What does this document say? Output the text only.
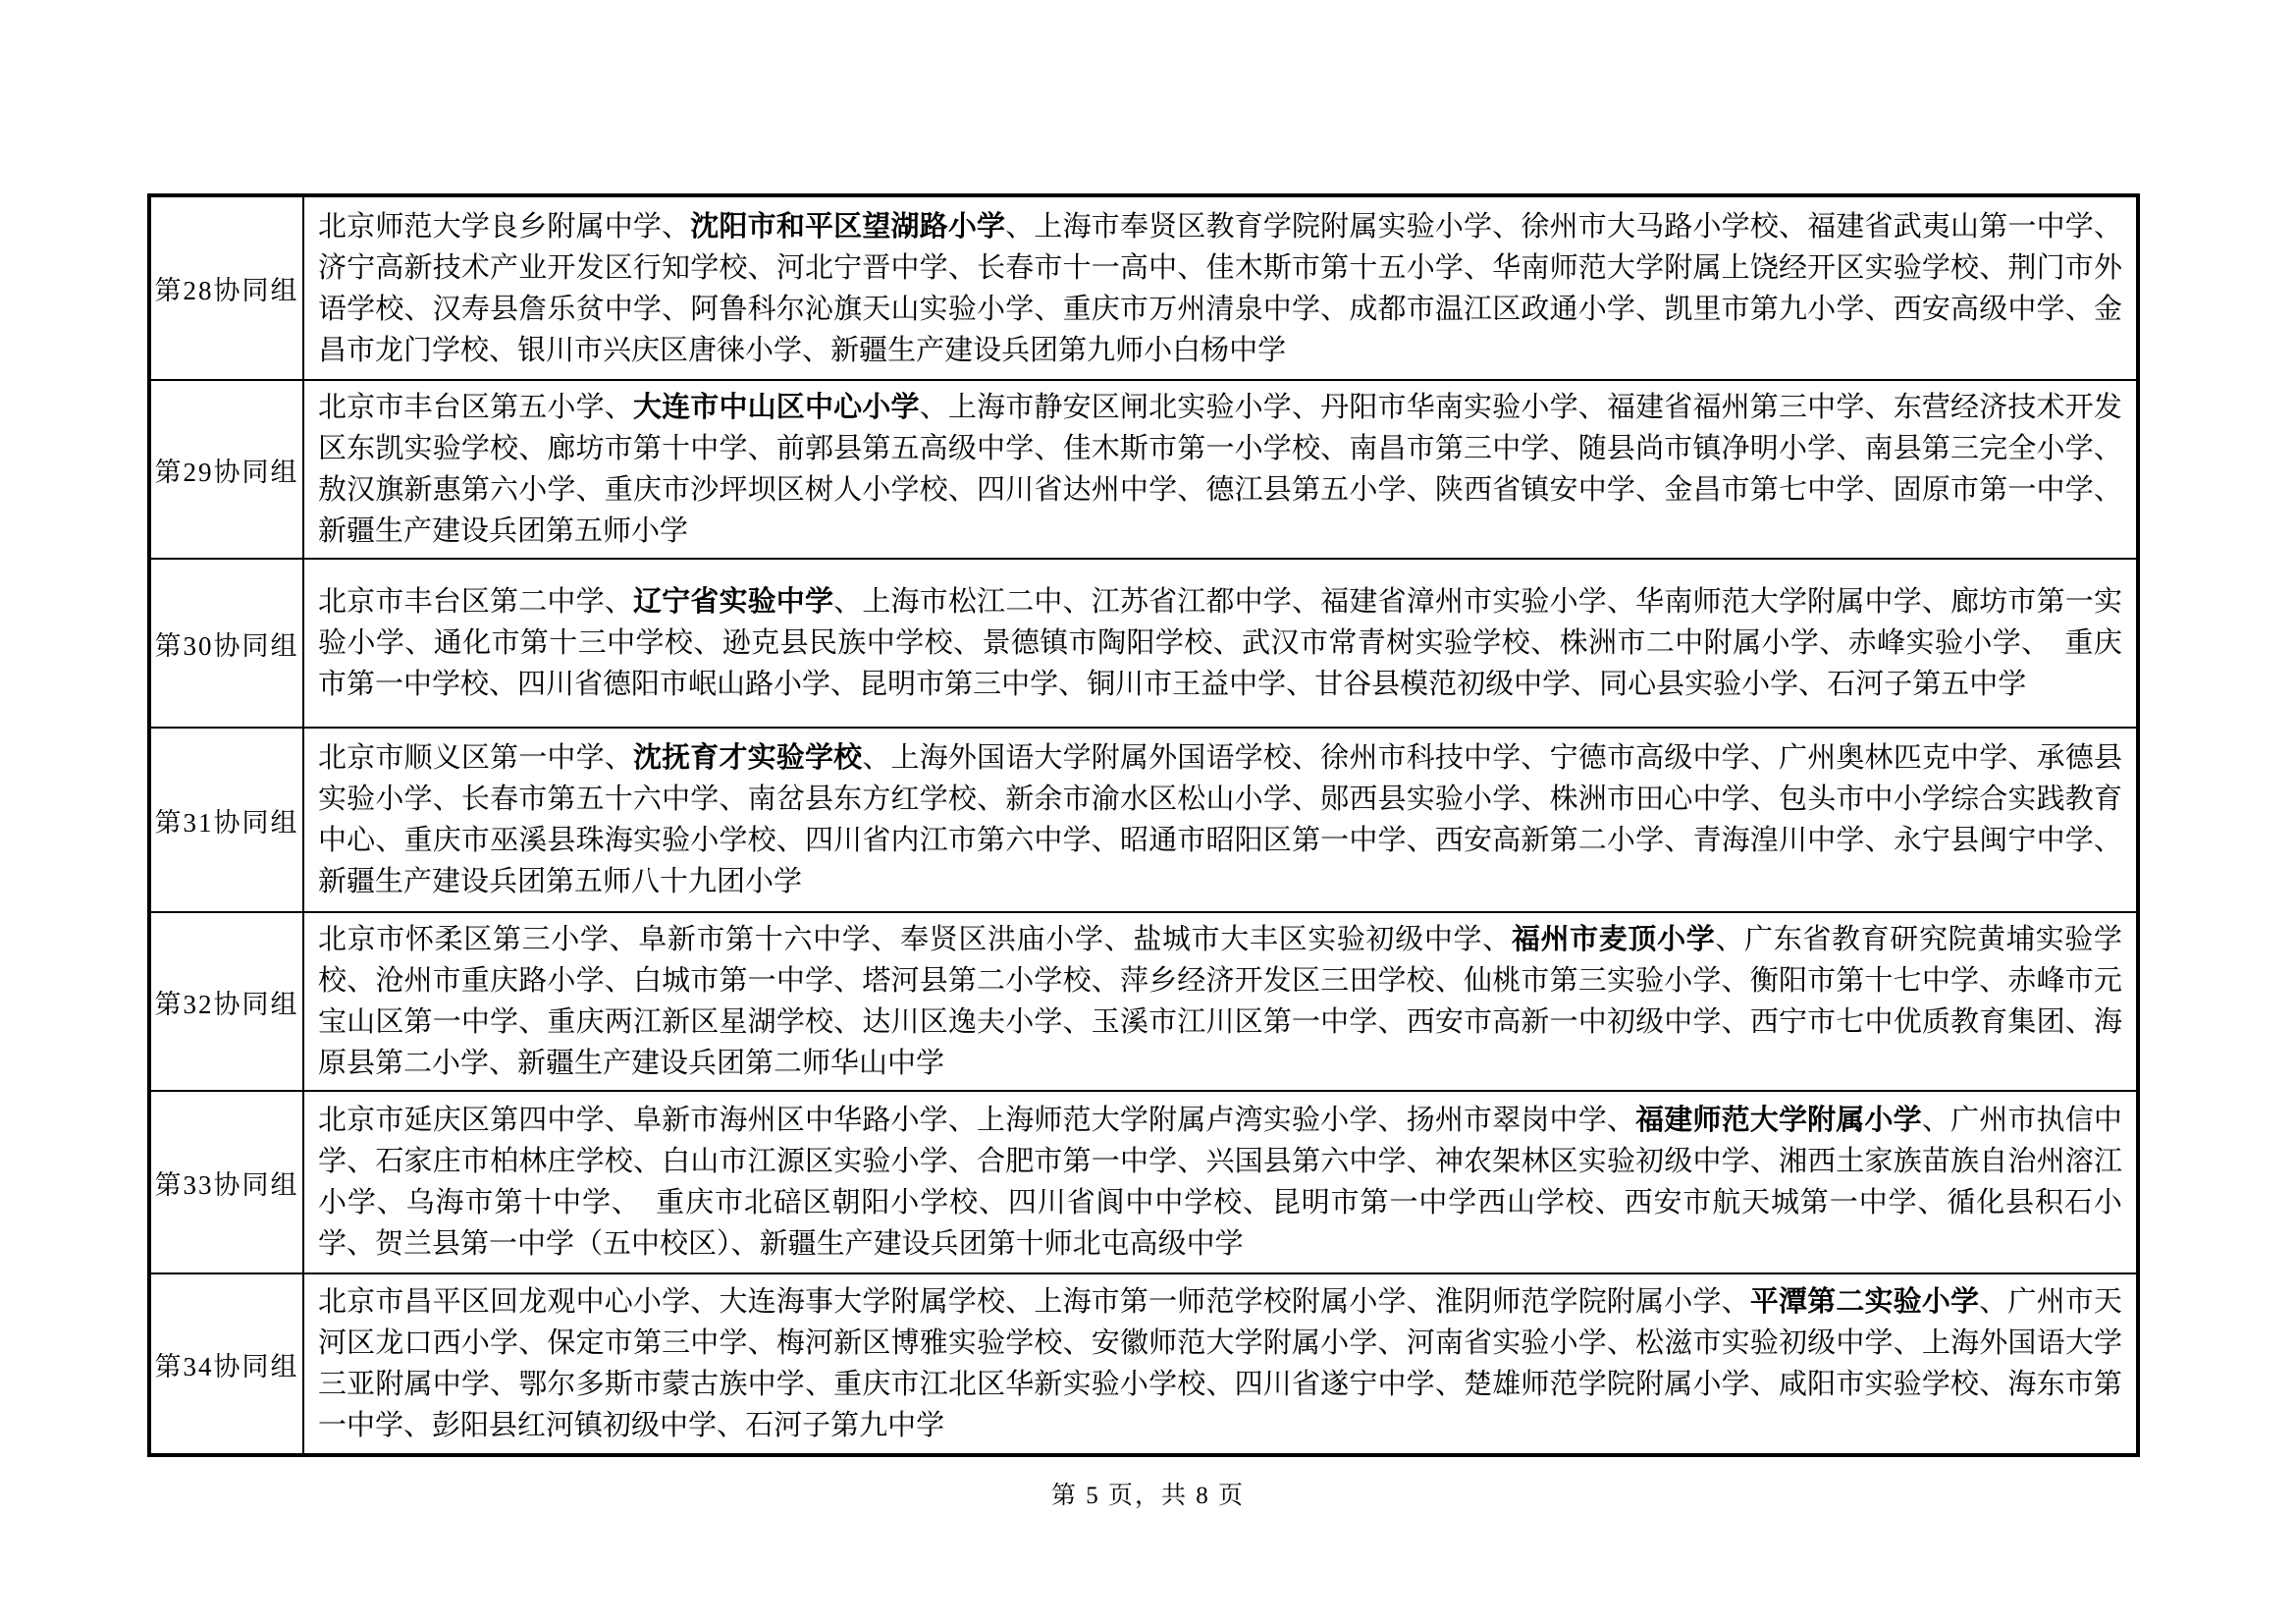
第28协同组	北京师范大学良乡附属中学、沈阳市和平区望湖路小学、上海市奉贤区教育学院附属实验小学、徐州市大马路小学校、福建省武夷山第一中学、济宁高新技术产业开发区行知学校、河北宁晋中学、长春市十一高中、佳木斯市第十五小学、华南师范大学附属上饶经开区实验学校、荆门市外语学校、汉寿县詹乐贫中学、阿鲁科尔沁旗天山实验小学、重庆市万州清泉中学、成都市温江区政通小学、凯里市第九小学、西安高级中学、金昌市龙门学校、银川市兴庆区唐徕小学、新疆生产建设兵团第九师小白杨中学
第29协同组	北京市丰台区第五小学、大连市中山区中心小学、上海市静安区闸北实验小学、丹阳市华南实验小学、福建省福州第三中学、东营经济技术开发区东凯实验学校、廊坊市第十中学、前郭县第五高级中学、佳木斯市第一小学校、南昌市第三中学、随县尚市镇净明小学、南县第三完全小学、敖汉旗新惠第六小学、重庆市沙坪坝区树人小学校、四川省达州中学、德江县第五小学、陕西省镇安中学、金昌市第七中学、固原市第一中学、新疆生产建设兵团第五师小学
第30协同组	北京市丰台区第二中学、辽宁省实验中学、上海市松江二中、江苏省江都中学、福建省漳州市实验小学、华南师范大学附属中学、廊坊市第一实验小学、通化市第十三中学校、逊克县民族中学校、景德镇市陶阳学校、武汉市常青树实验学校、株洲市二中附属小学、赤峰实验小学、　重庆市第一中学校、四川省德阳市岷山路小学、昆明市第三中学、铜川市王益中学、甘谷县模范初级中学、同心县实验小学、石河子第五中学
第31协同组	北京市顺义区第一中学、沈抚育才实验学校、上海外国语大学附属外国语学校、徐州市科技中学、宁德市高级中学、广州奥林匹克中学、承德县实验小学、长春市第五十六中学、南岔县东方红学校、新余市渝水区松山小学、郧西县实验小学、株洲市田心中学、包头市中小学综合实践教育中心、重庆市巫溪县珠海实验小学校、四川省内江市第六中学、昭通市昭阳区第一中学、西安高新第二小学、青海湟川中学、永宁县闽宁中学、新疆生产建设兵团第五师八十九团小学
第32协同组	北京市怀柔区第三小学、阜新市第十六中学、奉贤区洪庙小学、盐城市大丰区实验初级中学、福州市麦顶小学、广东省教育研究院黄埔实验学校、沧州市重庆路小学、白城市第一中学、塔河县第二小学校、萍乡经济开发区三田学校、仙桃市第三实验小学、衡阳市第十七中学、赤峰市元宝山区第一中学、重庆两江新区星湖学校、达川区逸夫小学、玉溪市江川区第一中学、西安市高新一中初级中学、西宁市七中优质教育集团、海原县第二小学、新疆生产建设兵团第二师华山中学
第33协同组	北京市延庆区第四中学、阜新市海州区中华路小学、上海师范大学附属卢湾实验小学、扬州市翠岗中学、福建师范大学附属小学、广州市执信中学、石家庄市柏林庄学校、白山市江源区实验小学、合肥市第一中学、兴国县第六中学、神农架林区实验初级中学、湘西土家族苗族自治州溶江小学、乌海市第十中学、　重庆市北碚区朝阳小学校、四川省阆中中学校、昆明市第一中学西山学校、西安市航天城第一中学、循化县积石小学、贺兰县第一中学（五中校区）、新疆生产建设兵团第十师北屯高级中学
第34协同组	北京市昌平区回龙观中心小学、大连海事大学附属学校、上海市第一师范学校附属小学、淮阴师范学院附属小学、平潭第二实验小学、广州市天河区龙口西小学、保定市第三中学、梅河新区博雅实验学校、安徽师范大学附属小学、河南省实验小学、松滋市实验初级中学、上海外国语大学三亚附属中学、鄂尔多斯市蒙古族中学、重庆市江北区华新实验小学校、四川省遂宁中学、楚雄师范学院附属小学、咸阳市实验学校、海东市第一中学、彭阳县红河镇初级中学、石河子第九中学
第 5 页，共 8 页
